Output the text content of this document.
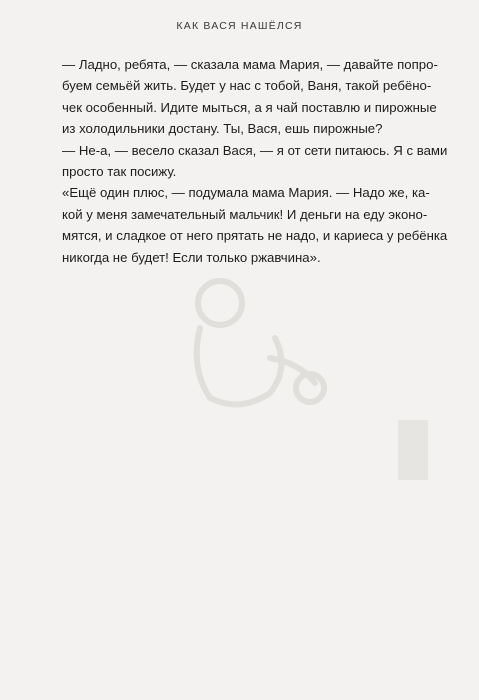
КАК ВАСЯ НАШЁЛСЯ
— Ладно, ребята, — сказала мама Мария, — давайте попро-
буем семьёй жить. Будет у нас с тобой, Ваня, такой ребёно-
чек особенный. Идите мыться, а я чай поставлю и пирожные
из холодильники достану. Ты, Вася, ешь пирожные?
— Не-а, — весело сказал Вася, — я от сети питаюсь. Я с вами
просто так посижу.
«Ещё один плюс, — подумала мама Мария. — Надо же, ка-
кой у меня замечательный мальчик! И деньги на еду эконо-
мятся, и сладкое от него прятать не надо, и кариеса у ребёнка
никогда не будет! Если только ржавчина».
